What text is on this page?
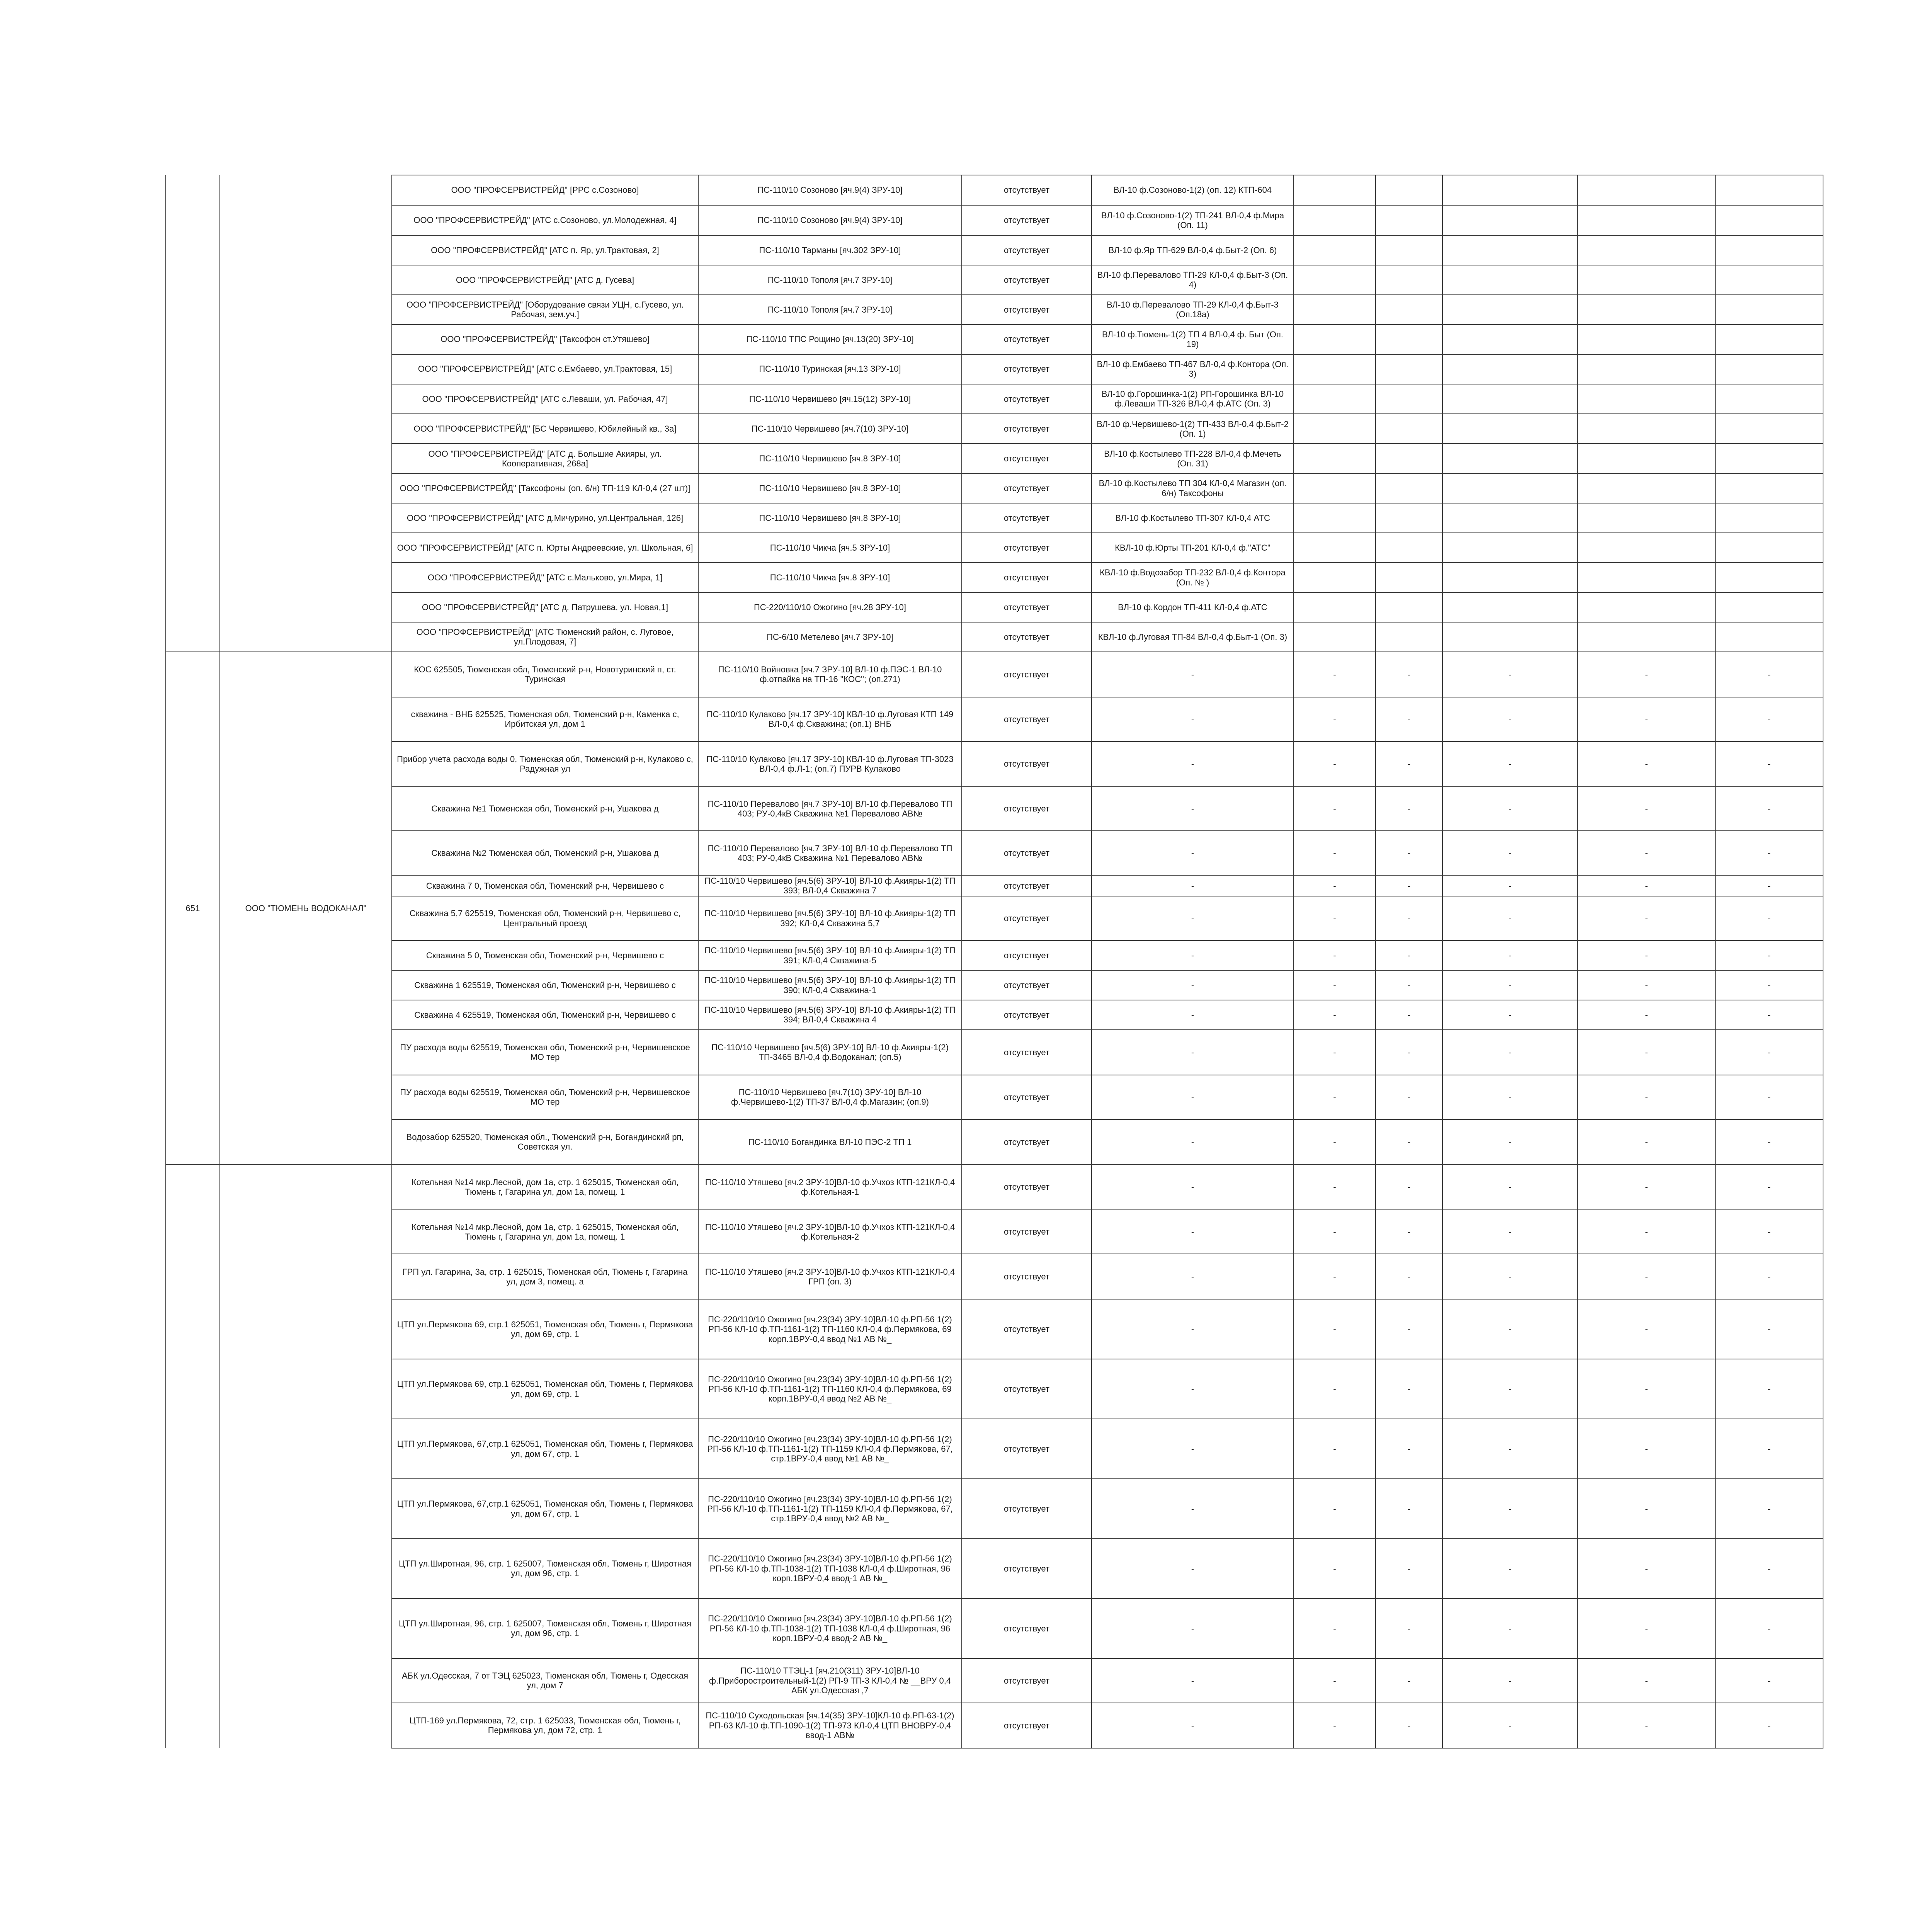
		ООО "ПРОФСЕРВИСТРЕЙД" [РРС с.Созоново]	ПС-110/10 Созоново [яч.9(4) ЗРУ-10]	отсутствует	ВЛ-10 ф.Созоново-1(2) (оп. 12) КТП-604						
		ООО "ПРОФСЕРВИСТРЕЙД" [АТС с.Созоново, ул.Молодежная, 4]	ПС-110/10 Созоново [яч.9(4) ЗРУ-10]	отсутствует	ВЛ-10 ф.Созоново-1(2) ТП-241 ВЛ-0,4 ф.Мира (Оп. 11)						
		ООО "ПРОФСЕРВИСТРЕЙД" [АТС п. Яр, ул.Трактовая, 2]	ПС-110/10 Тарманы [яч.302 ЗРУ-10]	отсутствует	ВЛ-10 ф.Яр ТП-629 ВЛ-0,4 ф.Быт-2 (Оп. 6)						
		ООО "ПРОФСЕРВИСТРЕЙД" [АТС д. Гусева]	ПС-110/10 Тополя [яч.7 ЗРУ-10]	отсутствует	ВЛ-10 ф.Перевалово ТП-29 КЛ-0,4 ф.Быт-3 (Оп. 4)						
		ООО "ПРОФСЕРВИСТРЕЙД" [Оборудование связи УЦН, с.Гусево, ул. Рабочая, зем.уч.]	ПС-110/10 Тополя [яч.7 ЗРУ-10]	отсутствует	ВЛ-10 ф.Перевалово ТП-29 КЛ-0,4 ф.Быт-3 (Оп.18а)						
		ООО "ПРОФСЕРВИСТРЕЙД" [Таксофон ст.Утяшево]	ПС-110/10 ТПС Рощино [яч.13(20) ЗРУ-10]	отсутствует	ВЛ-10 ф.Тюмень-1(2) ТП 4 ВЛ-0,4 ф. Быт (Оп. 19)						
		ООО "ПРОФСЕРВИСТРЕЙД" [АТС с.Ембаево, ул.Трактовая, 15]	ПС-110/10 Туринская [яч.13 ЗРУ-10]	отсутствует	ВЛ-10 ф.Ембаево ТП-467 ВЛ-0,4 ф.Контора (Оп. 3)						
		ООО "ПРОФСЕРВИСТРЕЙД" [АТС с.Леваши, ул. Рабочая, 47]	ПС-110/10 Червишево [яч.15(12) ЗРУ-10]	отсутствует	ВЛ-10 ф.Горошинка-1(2) РП-Горошинка ВЛ-10 ф.Леваши ТП-326 ВЛ-0,4 ф.АТС (Оп. 3)						
		ООО "ПРОФСЕРВИСТРЕЙД" [БС Червишево, Юбилейный кв., 3а]	ПС-110/10 Червишево [яч.7(10) ЗРУ-10]	отсутствует	ВЛ-10 ф.Червишево-1(2) ТП-433 ВЛ-0,4 ф.Быт-2 (Оп. 1)						
		ООО "ПРОФСЕРВИСТРЕЙД" [АТС д. Большие Акияры, ул. Кооперативная, 268а]	ПС-110/10 Червишево [яч.8 ЗРУ-10]	отсутствует	ВЛ-10 ф.Костылево ТП-228 ВЛ-0,4 ф.Мечеть (Оп. 31)						
		ООО "ПРОФСЕРВИСТРЕЙД" [Таксофоны (оп. 6/н) ТП-119 КЛ-0,4 (27 шт)]	ПС-110/10 Червишево [яч.8 ЗРУ-10]	отсутствует	ВЛ-10 ф.Костылево ТП 304 КЛ-0,4 Магазин (оп. 6/н) Таксофоны						
		ООО "ПРОФСЕРВИСТРЕЙД" [АТС д.Мичурино, ул.Центральная, 126]	ПС-110/10 Червишево [яч.8 ЗРУ-10]	отсутствует	ВЛ-10 ф.Костылево ТП-307 КЛ-0,4 АТС						
		ООО "ПРОФСЕРВИСТРЕЙД" [АТС п. Юрты Андреевские, ул. Школьная, 6]	ПС-110/10 Чикча [яч.5 ЗРУ-10]	отсутствует	КВЛ-10 ф.Юрты ТП-201 КЛ-0,4 ф."АТС"						
		ООО "ПРОФСЕРВИСТРЕЙД" [АТС с.Мальково, ул.Мира, 1]	ПС-110/10 Чикча [яч.8 ЗРУ-10]	отсутствует	КВЛ-10 ф.Водозабор ТП-232 ВЛ-0,4 ф.Контора (Оп. № )						
		ООО "ПРОФСЕРВИСТРЕЙД" [АТС д. Патрушева, ул. Новая,1]	ПС-220/110/10 Ожогино [яч.28 ЗРУ-10]	отсутствует	ВЛ-10 ф.Кордон ТП-411 КЛ-0,4 ф.АТС						
		ООО "ПРОФСЕРВИСТРЕЙД" [АТС Тюменский район, с. Луговое, ул.Плодовая, 7]	ПС-6/10 Метелево [яч.7 ЗРУ-10]	отсутствует	КВЛ-10 ф.Луговая ТП-84 ВЛ-0,4 ф.Быт-1 (Оп. 3)						
651	ООО "ТЮМЕНЬ ВОДОКАНАЛ"	КОС 625505, Тюменская обл, Тюменский р-н, Новотуринский п, ст. Туринская	ПС-110/10 Войновка [яч.7 ЗРУ-10] ВЛ-10 ф.ПЭС-1 ВЛ-10 ф.отпайка на ТП-16 "КОС"; (оп.271)	отсутствует	-	-	-	-	-	-	
		скважина - ВНБ 625525, Тюменская обл, Тюменский р-н, Каменка с, Ирбитская ул, дом 1	ПС-110/10 Кулаково [яч.17 ЗРУ-10] КВЛ-10 ф.Луговая КТП 149 ВЛ-0,4 ф.Скважина; (оп.1) ВНБ	отсутствует	-	-	-	-	-	-	
		Прибор учета расхода воды 0, Тюменская обл, Тюменский р-н, Кулаково с, Радужная ул	ПС-110/10 Кулаково [яч.17 ЗРУ-10] КВЛ-10 ф.Луговая ТП-3023 ВЛ-0,4 ф.Л-1; (оп.7) ПУРВ Кулаково	отсутствует	-	-	-	-	-	-	
		Скважина №1 Тюменская обл, Тюменский р-н, Ушакова д	ПС-110/10 Перевалово [яч.7 ЗРУ-10] ВЛ-10 ф.Перевалово ТП 403; РУ-0,4кВ Скважина №1 Перевалово АВ№	отсутствует	-	-	-	-	-	-	
		Скважина №2 Тюменская обл, Тюменский р-н, Ушакова д	ПС-110/10 Перевалово [яч.7 ЗРУ-10] ВЛ-10 ф.Перевалово ТП 403; РУ-0,4кВ Скважина №1 Перевалово АВ№	отсутствует	-	-	-	-	-	-	
		Скважина 7 0, Тюменская обл, Тюменский р-н, Червишево с	ПС-110/10 Червишево [яч.5(6) ЗРУ-10] ВЛ-10 ф.Акияры-1(2) ТП 393; ВЛ-0,4 Скважина 7	отсутствует	-	-	-	-	-	-	
		Скважина 5,7 625519, Тюменская обл, Тюменский р-н, Червишево с, Центральный проезд	ПС-110/10 Червишево [яч.5(6) ЗРУ-10] ВЛ-10 ф.Акияры-1(2) ТП 392; КЛ-0,4 Скважина 5,7	отсутствует	-	-	-	-	-	-	
		Скважина 5 0, Тюменская обл, Тюменский р-н, Червишево с	ПС-110/10 Червишево [яч.5(6) ЗРУ-10] ВЛ-10 ф.Акияры-1(2) ТП 391; КЛ-0,4 Скважина-5	отсутствует	-	-	-	-	-	-	
		Скважина 1 625519, Тюменская обл, Тюменский р-н, Червишево с	ПС-110/10 Червишево [яч.5(6) ЗРУ-10] ВЛ-10 ф.Акияры-1(2) ТП 390; КЛ-0,4 Скважина-1	отсутствует	-	-	-	-	-	-	
		Скважина 4 625519, Тюменская обл, Тюменский р-н, Червишево с	ПС-110/10 Червишево [яч.5(6) ЗРУ-10] ВЛ-10 ф.Акияры-1(2) ТП 394; ВЛ-0,4 Скважина 4	отсутствует	-	-	-	-	-	-	
		ПУ расхода воды 625519, Тюменская обл, Тюменский р-н, Червишевское МО тер	ПС-110/10 Червишево [яч.5(6) ЗРУ-10] ВЛ-10 ф.Акияры-1(2) ТП-3465 ВЛ-0,4 ф.Водоканал; (оп.5)	отсутствует	-	-	-	-	-	-	
		ПУ расхода воды 625519, Тюменская обл, Тюменский р-н, Червишевское МО тер	ПС-110/10 Червишево [яч.7(10) ЗРУ-10] ВЛ-10 ф.Червишево-1(2) ТП-37 ВЛ-0,4 ф.Магазин; (оп.9)	отсутствует	-	-	-	-	-	-	
		Водозабор 625520, Тюменская обл., Тюменский р-н, Богандинский рп, Советская ул.	ПС-110/10 Богандинка ВЛ-10 ПЭС-2 ТП 1	отсутствует	-	-	-	-	-	-	
		Котельная №14 мкр.Лесной, дом 1а, стр. 1 625015, Тюменская обл, Тюмень г, Гагарина ул, дом 1а, помещ. 1	ПС-110/10 Утяшево [яч.2 ЗРУ-10]ВЛ-10 ф.Учхоз КТП-121КЛ-0,4 ф.Котельная-1	отсутствует	-	-	-	-	-	-	
		Котельная №14 мкр.Лесной, дом 1а, стр. 1 625015, Тюменская обл, Тюмень г, Гагарина ул, дом 1а, помещ. 1	ПС-110/10 Утяшево [яч.2 ЗРУ-10]ВЛ-10 ф.Учхоз КТП-121КЛ-0,4 ф.Котельная-2	отсутствует	-	-	-	-	-	-	
		ГРП ул. Гагарина, 3а, стр. 1 625015, Тюменская обл, Тюмень г, Гагарина ул, дом 3, помещ. а	ПС-110/10 Утяшево [яч.2 ЗРУ-10]ВЛ-10 ф.Учхоз КТП-121КЛ-0,4 ГРП (оп. 3)	отсутствует	-	-	-	-	-	-	
		ЦТП ул.Пермякова 69, стр.1 625051, Тюменская обл, Тюмень г, Пермякова ул, дом 69, стр. 1	ПС-220/110/10 Ожогино [яч.23(34) ЗРУ-10]ВЛ-10 ф.РП-56 1(2) РП-56 КЛ-10 ф.ТП-1161-1(2) ТП-1160 КЛ-0,4 ф.Пермякова, 69 корп.1ВРУ-0,4 ввод №1 АВ №_	отсутствует	-	-	-	-	-	-	
		ЦТП ул.Пермякова 69, стр.1 625051, Тюменская обл, Тюмень г, Пермякова ул, дом 69, стр. 1	ПС-220/110/10 Ожогино [яч.23(34) ЗРУ-10]ВЛ-10 ф.РП-56 1(2) РП-56 КЛ-10 ф.ТП-1161-1(2) ТП-1160 КЛ-0,4 ф.Пермякова, 69 корп.1ВРУ-0,4 ввод №2 АВ №_	отсутствует	-	-	-	-	-	-	
		ЦТП ул.Пермякова, 67,стр.1 625051, Тюменская обл, Тюмень г, Пермякова ул, дом 67, стр. 1	ПС-220/110/10 Ожогино [яч.23(34) ЗРУ-10]ВЛ-10 ф.РП-56 1(2) РП-56 КЛ-10 ф.ТП-1161-1(2) ТП-1159 КЛ-0,4 ф.Пермякова, 67, стр.1ВРУ-0,4 ввод №1 АВ №_	отсутствует	-	-	-	-	-	-	
		ЦТП ул.Пермякова, 67,стр.1 625051, Тюменская обл, Тюмень г, Пермякова ул, дом 67, стр. 1	ПС-220/110/10 Ожогино [яч.23(34) ЗРУ-10]ВЛ-10 ф.РП-56 1(2) РП-56 КЛ-10 ф.ТП-1161-1(2) ТП-1159 КЛ-0,4 ф.Пермякова, 67, стр.1ВРУ-0,4 ввод №2 АВ №_	отсутствует	-	-	-	-	-	-	
		ЦТП ул.Широтная, 96, стр. 1 625007, Тюменская обл, Тюмень г, Широтная ул, дом 96, стр. 1	ПС-220/110/10 Ожогино [яч.23(34) ЗРУ-10]ВЛ-10 ф.РП-56 1(2) РП-56 КЛ-10 ф.ТП-1038-1(2) ТП-1038 КЛ-0,4 ф.Широтная, 96 корп.1ВРУ-0,4 ввод-1 АВ №_	отсутствует	-	-	-	-	-	-	
		ЦТП ул.Широтная, 96, стр. 1 625007, Тюменская обл, Тюмень г, Широтная ул, дом 96, стр. 1	ПС-220/110/10 Ожогино [яч.23(34) ЗРУ-10]ВЛ-10 ф.РП-56 1(2) РП-56 КЛ-10 ф.ТП-1038-1(2) ТП-1038 КЛ-0,4 ф.Широтная, 96 корп.1ВРУ-0,4 ввод-2 АВ №_	отсутствует	-	-	-	-	-	-	
		АБК ул.Одесская, 7 от ТЭЦ 625023, Тюменская обл, Тюмень г, Одесская ул, дом 7	ПС-110/10 ТТЭЦ-1 [яч.210(311) ЗРУ-10]ВЛ-10 ф.Приборостроительный-1(2) РП-9 ТП-3 КЛ-0,4 № __ВРУ 0,4 АБК ул.Одесская ,7	отсутствует	-	-	-	-	-	-	
		ЦТП-169 ул.Пермякова, 72, стр. 1 625033, Тюменская обл, Тюмень г, Пермякова ул, дом 72, стр. 1	ПС-110/10 Суходольская [яч.14(35) ЗРУ-10]КЛ-10 ф.РП-63-1(2) РП-63 КЛ-10 ф.ТП-1090-1(2) ТП-973 КЛ-0,4 ЦТП ВНОВРУ-0,4 ввод-1 АВ№	отсутствует	-	-	-	-	-	-	
